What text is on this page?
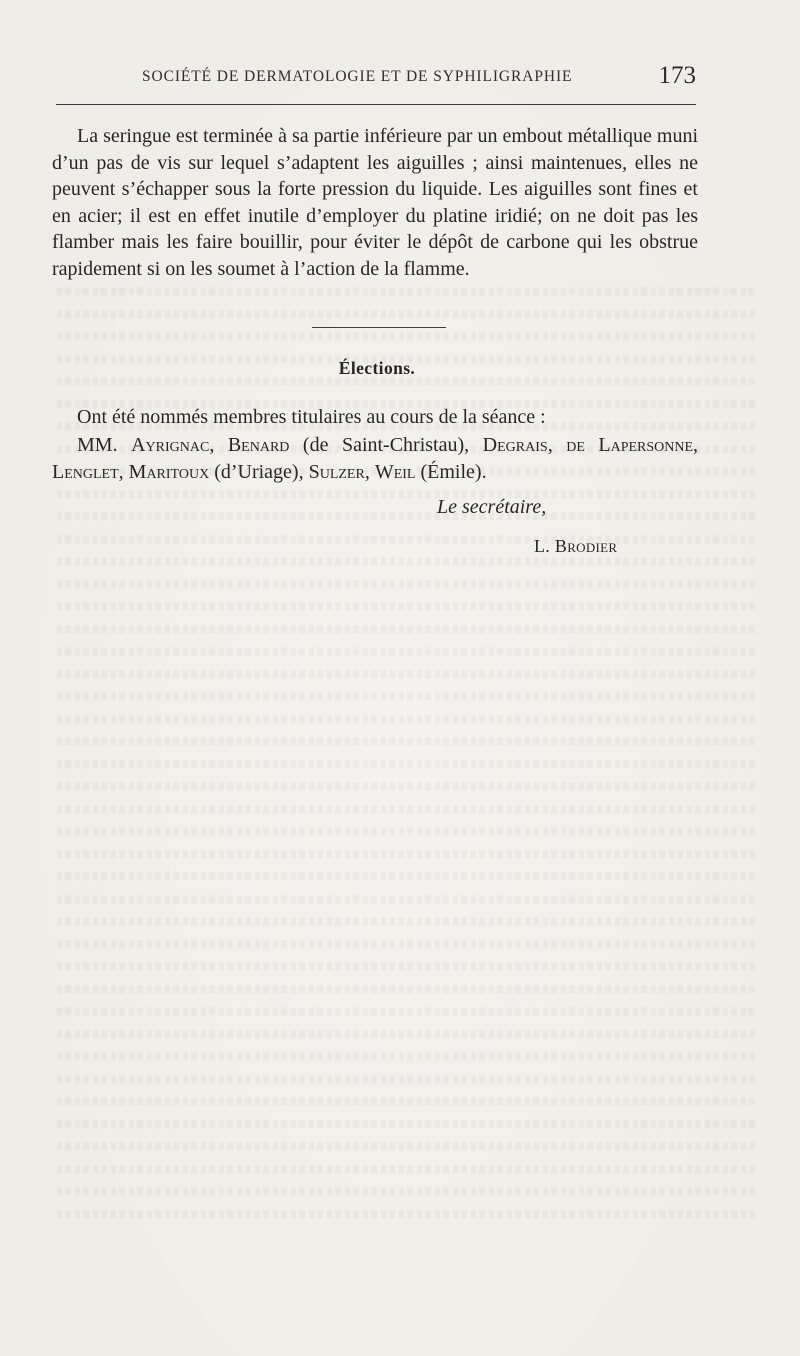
SOCIÉTÉ DE DERMATOLOGIE ET DE SYPHILIGRAPHIE	173

La seringue est terminée à sa partie inférieure par un embout métallique muni d’un pas de vis sur lequel s’adaptent les aiguilles ; ainsi maintenues, elles ne peuvent s’échapper sous la forte pression du liquide. Les aiguilles sont fines et en acier; il est en effet inutile d’employer du platine iridié; on ne doit pas les flamber mais les faire bouillir, pour éviter le dépôt de carbone qui les obstrue rapidement si on les soumet à l’action de la flamme.

Élections.
Ont été nommés membres titulaires au cours de la séance :
MM. Ayrignac, Benard (de Saint-Christau), Degrais, de Lapersonne,
Lenglet, Maritoux (d’Uriage), Sulzer, Weil (Émile).
Le secrétaire,
L. Brodier
